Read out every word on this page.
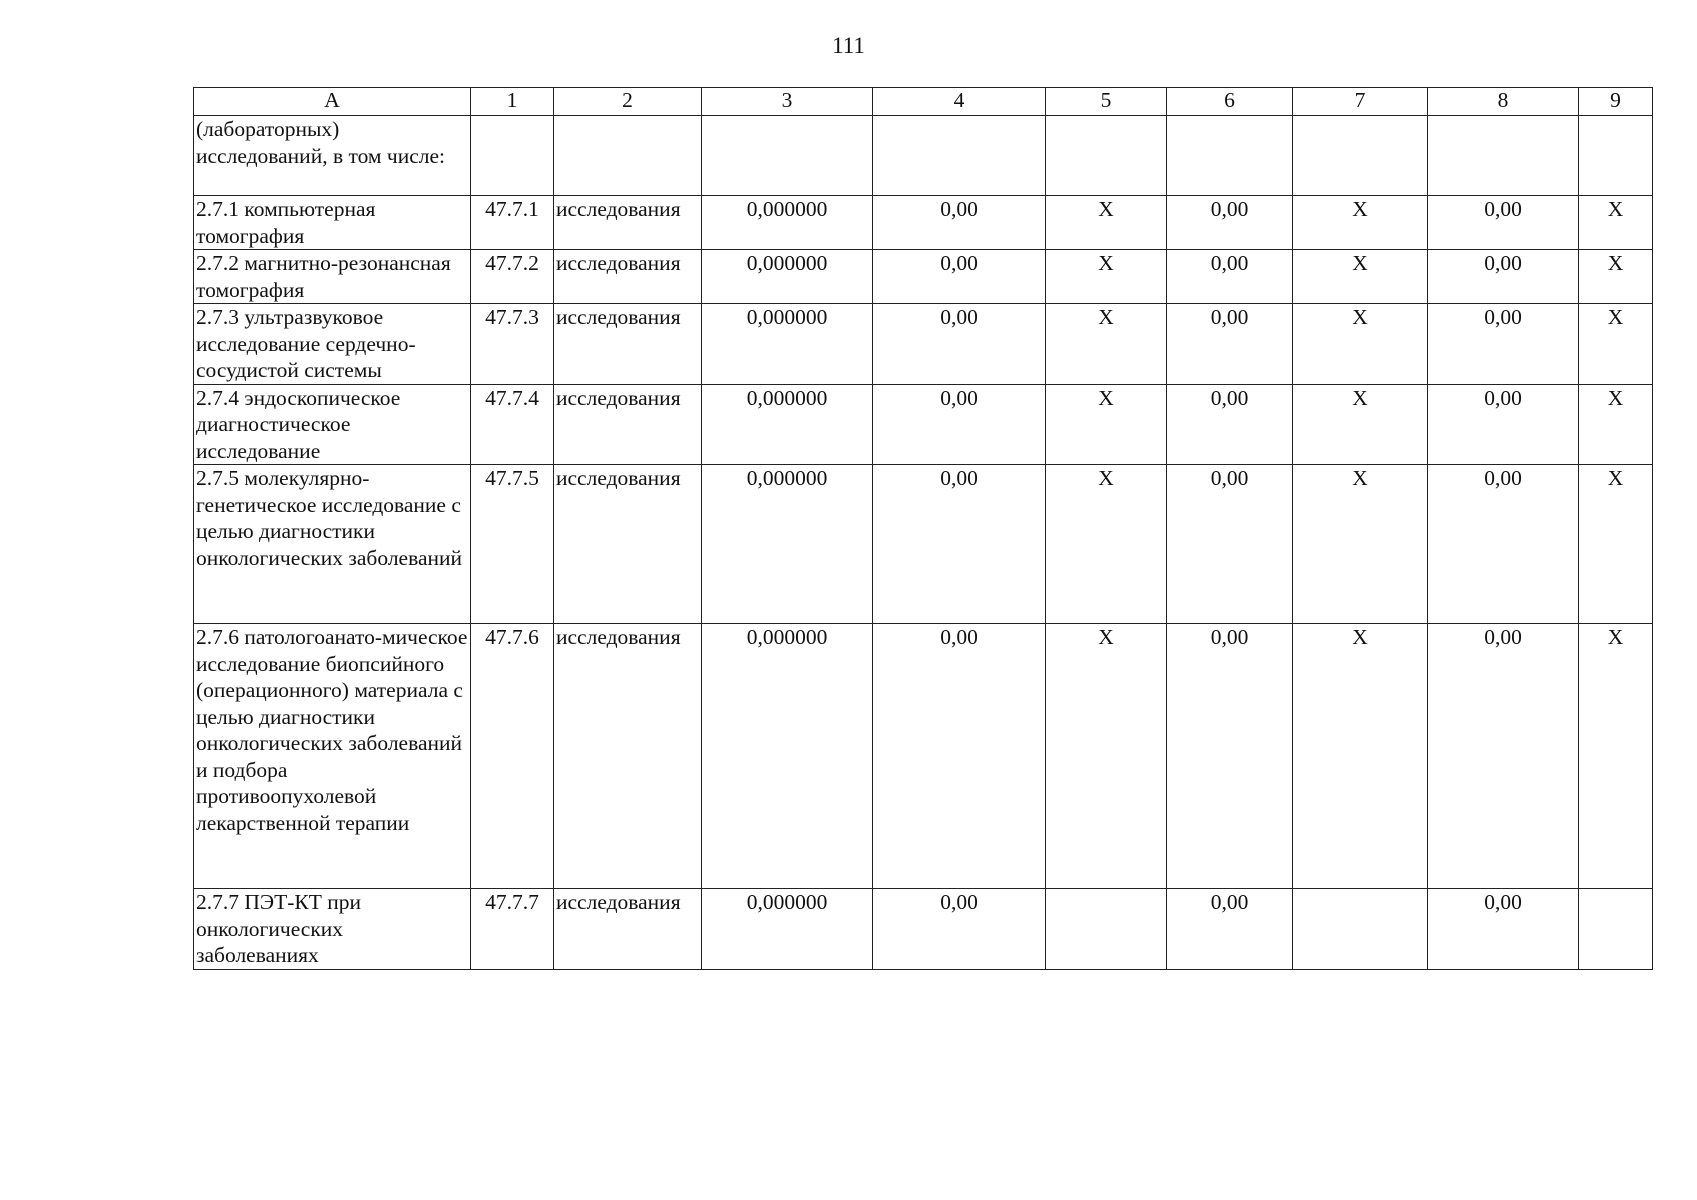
111
А	1	2	3	4	5	6	7	8	9
(лабораторных) исследований, в том числе:									
2.7.1 компьютерная томография	47.7.1	исследования	0,000000	0,00	X	0,00	X	0,00	X
2.7.2 магнитно-резонансная томография	47.7.2	исследования	0,000000	0,00	X	0,00	X	0,00	X
2.7.3 ультразвуковое исследование сердечно-сосудистой системы	47.7.3	исследования	0,000000	0,00	X	0,00	X	0,00	X
2.7.4 эндоскопическое диагностическое исследование	47.7.4	исследования	0,000000	0,00	X	0,00	X	0,00	X
2.7.5 молекулярно-генетическое исследование с целью диагностики онкологических заболеваний	47.7.5	исследования	0,000000	0,00	X	0,00	X	0,00	X
2.7.6 патологоанато-мическое исследование биопсийного (операционного) материала с целью диагностики онкологических заболеваний и подбора противоопухолевой лекарственной терапии	47.7.6	исследования	0,000000	0,00	X	0,00	X	0,00	X
2.7.7 ПЭТ-КТ при онкологических заболеваниях	47.7.7	исследования	0,000000	0,00		0,00		0,00	
